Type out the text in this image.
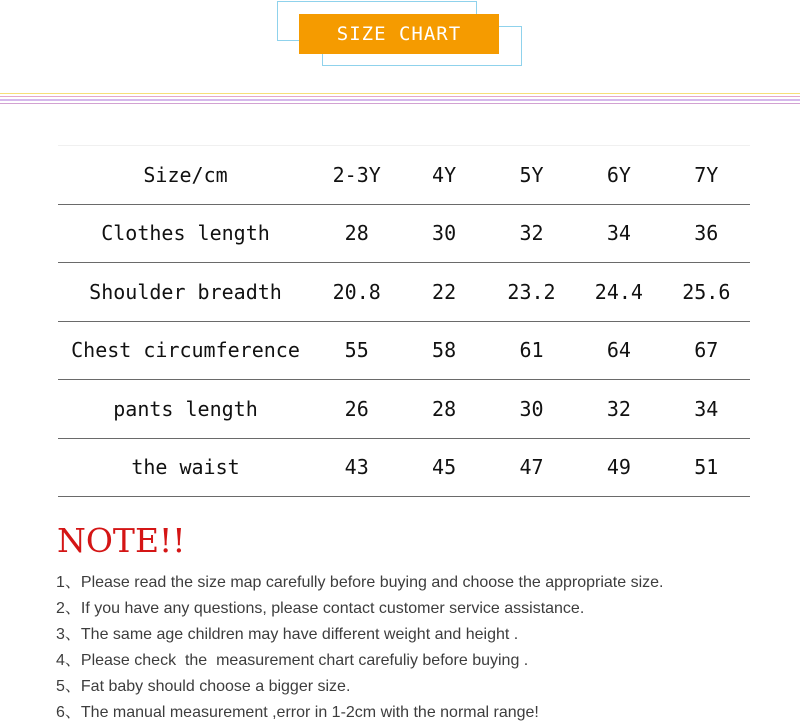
SIZE CHART
Size/cm	2-3Y	4Y	5Y	6Y	7Y
Clothes length	28	30	32	34	36
Shoulder breadth	20.8	22	23.2	24.4	25.6
Chest circumference	55	58	61	64	67
pants length	26	28	30	32	34
the waist	43	45	47	49	51
NOTE!!
1、Please read the size map carefully before buying and choose the appropriate size.
2、If you have any questions, please contact customer service assistance.
3、The same age children may have different weight and height .
4、Please check  the  measurement chart carefuliy before buying .
5、Fat baby should choose a bigger size.
6、The manual measurement ,error in 1-2cm with the normal range!
